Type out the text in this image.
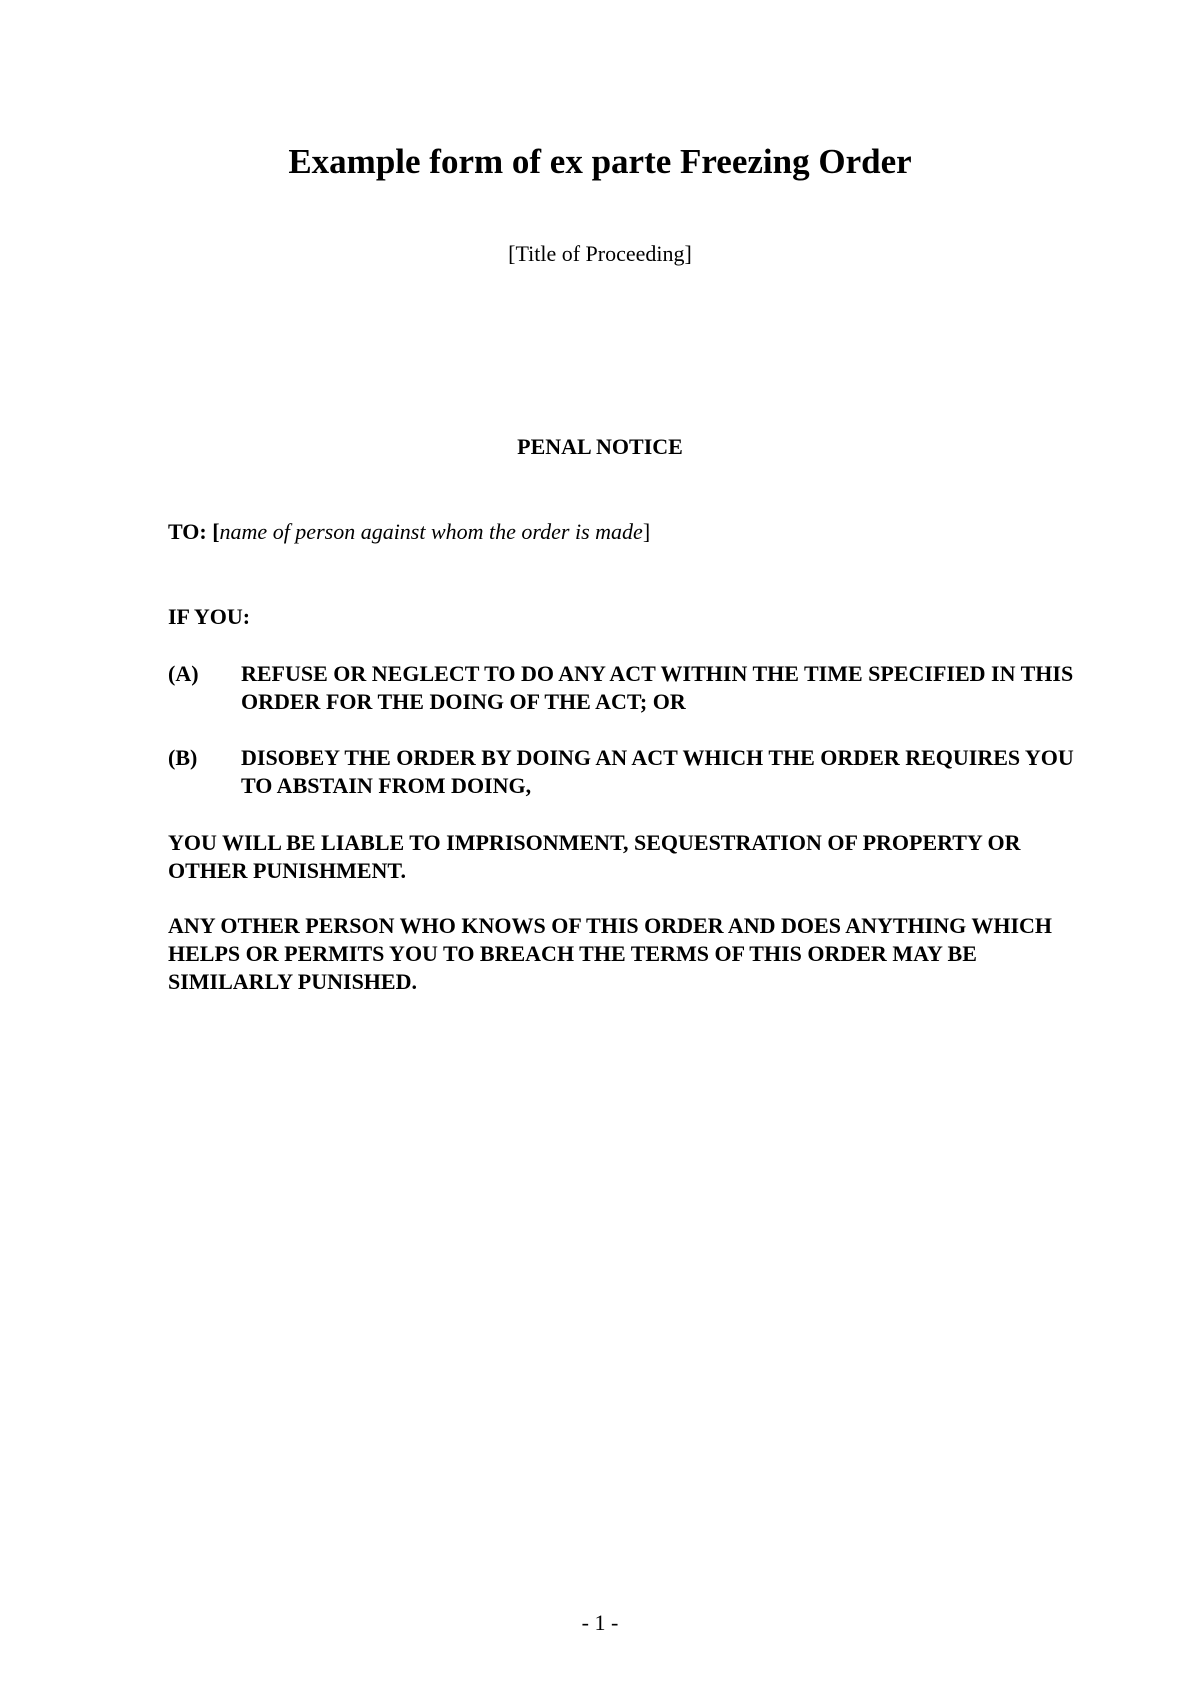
Example form of ex parte Freezing Order
[Title of Proceeding]
PENAL NOTICE
TO: [name of person against whom the order is made]
IF YOU:
(A)	REFUSE OR NEGLECT TO DO ANY ACT WITHIN THE TIME SPECIFIED IN THIS ORDER FOR THE DOING OF THE ACT; OR
(B)	DISOBEY THE ORDER BY DOING AN ACT WHICH THE ORDER REQUIRES YOU TO ABSTAIN FROM DOING,
YOU WILL BE LIABLE TO IMPRISONMENT, SEQUESTRATION OF PROPERTY OR OTHER PUNISHMENT.
ANY OTHER PERSON WHO KNOWS OF THIS ORDER AND DOES ANYTHING WHICH HELPS OR PERMITS YOU TO BREACH THE TERMS OF THIS ORDER MAY BE SIMILARLY PUNISHED.
- 1 -
